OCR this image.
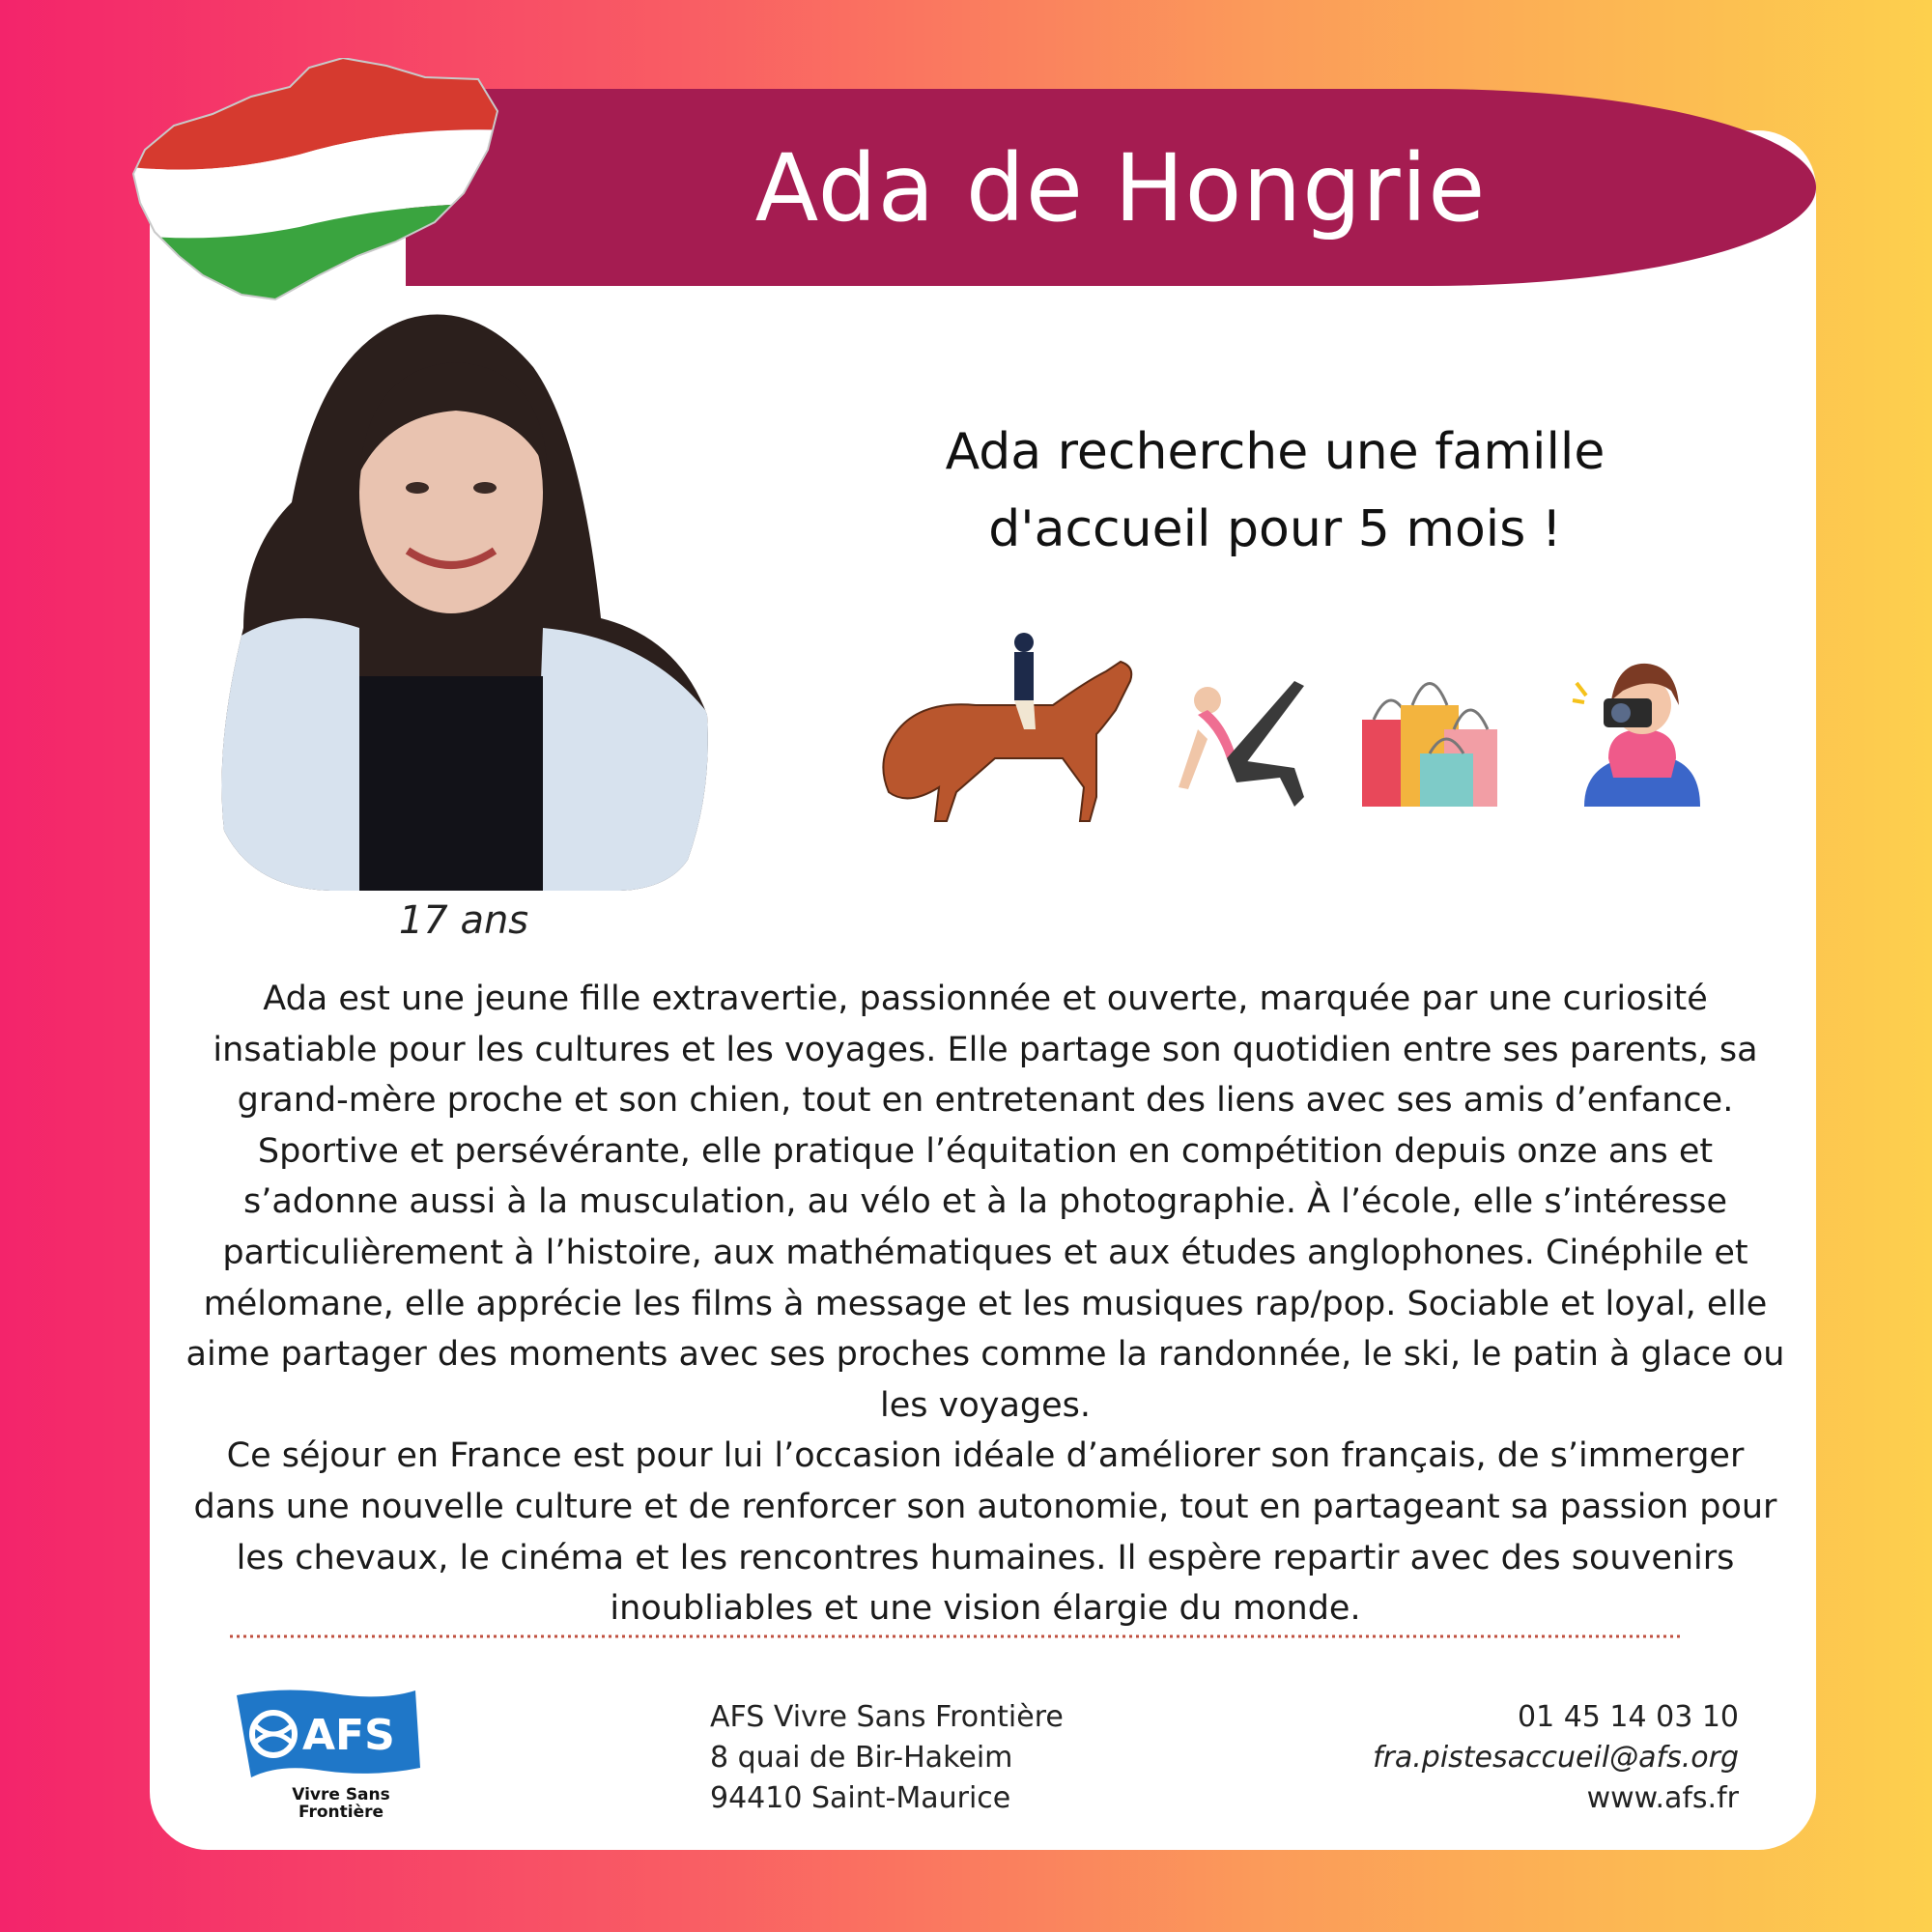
Ada de Hongrie
17 ans
Ada recherche une famille
d'accueil pour 5 mois !

Ada est une jeune fille extravertie, passionnée et ouverte, marquée par une curiosité insatiable pour les cultures et les voyages. Elle partage son quotidien entre ses parents, sa grand-mère proche et son chien, tout en entretenant des liens avec ses amis d’enfance. Sportive et persévérante, elle pratique l’équitation en compétition depuis onze ans et s’adonne aussi à la musculation, au vélo et à la photographie. À l’école, elle s’intéresse particulièrement à l’histoire, aux mathématiques et aux études anglophones. Cinéphile et mélomane, elle apprécie les films à message et les musiques rap/pop. Sociable et loyal, elle aime partager des moments avec ses proches comme la randonnée, le ski, le patin à glace ou les voyages.

Ce séjour en France est pour lui l’occasion idéale d’améliorer son français, de s’immerger dans une nouvelle culture et de renforcer son autonomie, tout en partageant sa passion pour les chevaux, le cinéma et les rencontres humaines. Il espère repartir avec des souvenirs inoubliables et une vision élargie du monde.

AFS
Vivre Sans
Frontière
AFS Vivre Sans Frontière
8 quai de Bir-Hakeim
94410 Saint-Maurice
01 45 14 03 10
fra.pistesaccueil@afs.org
www.afs.fr
